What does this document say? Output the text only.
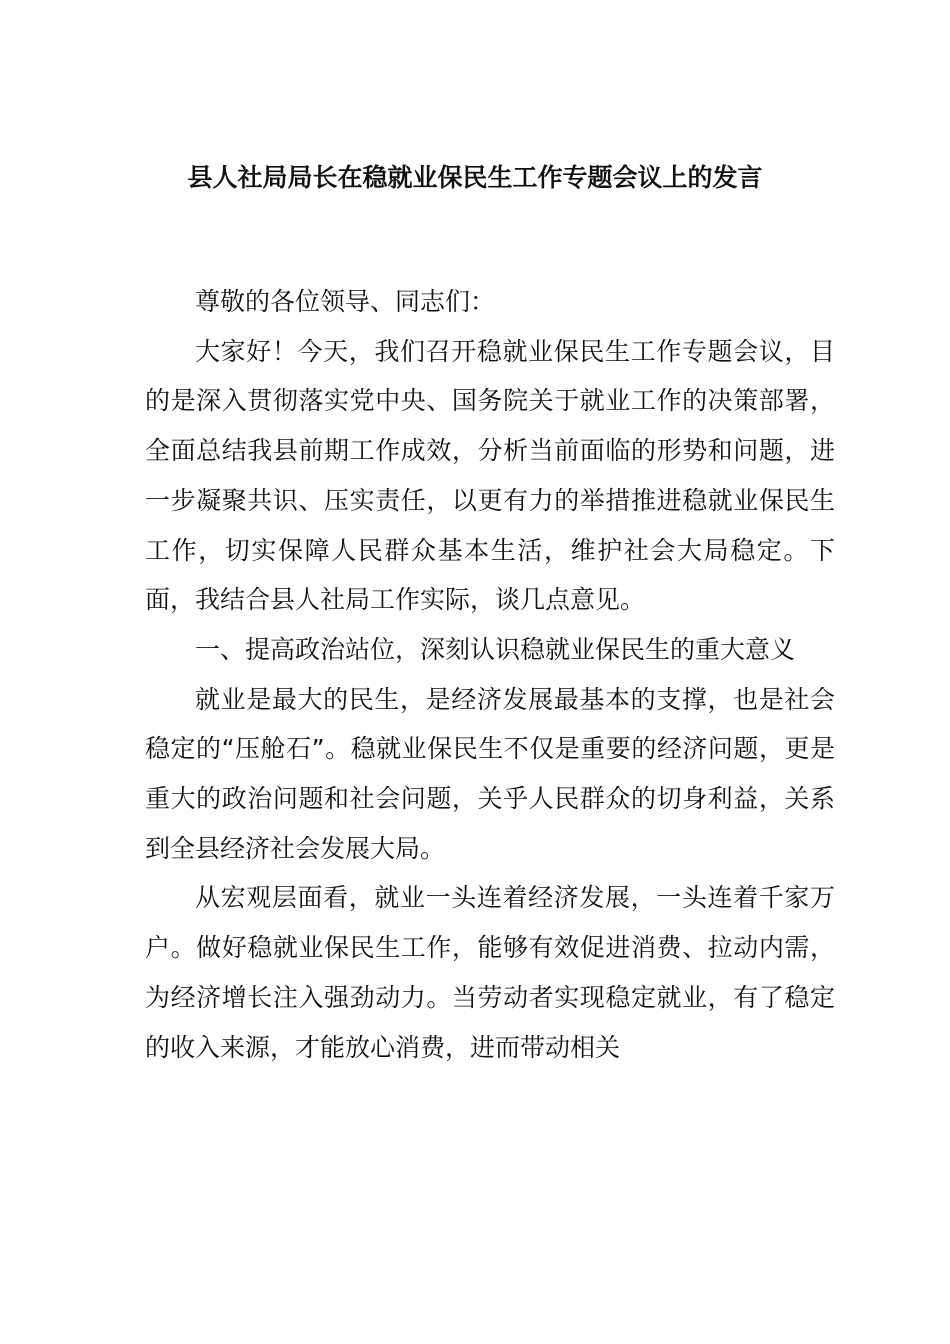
县人社局局长在稳就业保民生工作专题会议上的发言

尊敬的各位领导、同志们：

大家好！今天，我们召开稳就业保民生工作专题会议，目的是深入贯彻落实党中央、国务院关于就业工作的决策部署，全面总结我县前期工作成效，分析当前面临的形势和问题，进一步凝聚共识、压实责任，以更有力的举措推进稳就业保民生工作，切实保障人民群众基本生活，维护社会大局稳定。下面，我结合县人社局工作实际，谈几点意见。

一、提高政治站位，深刻认识稳就业保民生的重大意义

就业是最大的民生，是经济发展最基本的支撑，也是社会稳定的“压舱石”。稳就业保民生不仅是重要的经济问题，更是重大的政治问题和社会问题，关乎人民群众的切身利益，关系到全县经济社会发展大局。

从宏观层面看，就业一头连着经济发展，一头连着千家万户。做好稳就业保民生工作，能够有效促进消费、拉动内需，为经济增长注入强劲动力。当劳动者实现稳定就业，有了稳定的收入来源，才能放心消费，进而带动相关
